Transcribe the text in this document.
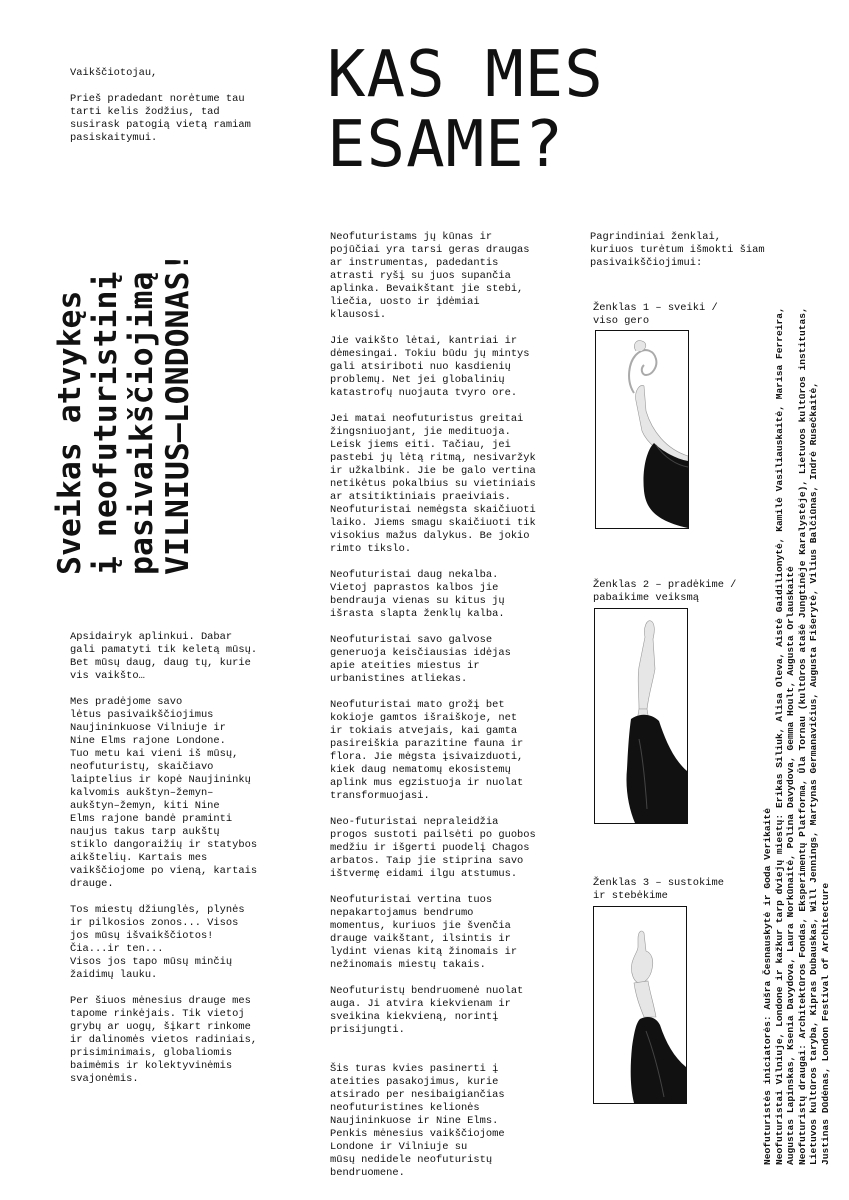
Vaikščiotojau,

Prieš pradedant norėtume tau
tarti kelis žodžius, tad
susirask patogią vietą ramiam
pasiskaitymui.

KAS MES
ESAME?
Sveikas atvykęs
į neofuturistinį
pasivaikščiojimą
VILNIUS–LONDONAS!

Apsidairyk aplinkui. Dabar
gali pamatyti tik keletą mūsų.
Bet mūsų daug, daug tų, kurie
vis vaikšto…

Mes pradėjome savo
lėtus pasivaikščiojimus
Naujininkuose Vilniuje ir
Nine Elms rajone Londone.
Tuo metu kai vieni iš mūsų,
neofuturistų, skaičiavo
laiptelius ir kopė Naujininkų
kalvomis aukštyn–žemyn–
aukštyn–žemyn, kiti Nine
Elms rajone bandė praminti
naujus takus tarp aukštų
stiklo dangoraižių ir statybos
aikštelių. Kartais mes
vaikščiojome po vieną, kartais
drauge.

Tos miestų džiunglės, plynės
ir pilkosios zonos... Visos
jos mūsų išvaikščiotos!
Čia...ir ten...
Visos jos tapo mūsų minčių
žaidimų lauku.

Per šiuos mėnesius drauge mes
tapome rinkėjais. Tik vietoj
grybų ar uogų, šįkart rinkome
ir dalinomės vietos radiniais,
prisiminimais, globaliomis
baimėmis ir kolektyvinėmis
svajonėmis.

Neofuturistams jų kūnas ir
pojūčiai yra tarsi geras draugas
ar instrumentas, padedantis
atrasti ryšį su juos supančia
aplinka. Bevaikštant jie stebi,
liečia, uosto ir įdėmiai
klausosi.

Jie vaikšto lėtai, kantriai ir
dėmesingai. Tokiu būdu jų mintys
gali atsiriboti nuo kasdienių
problemų. Net jei globalinių
katastrofų nuojauta tvyro ore.

Jei matai neofuturistus greitai
žingsniuojant, jie medituoja.
Leisk jiems eiti. Tačiau, jei
pastebi jų lėtą ritmą, nesivaržyk
ir užkalbink. Jie be galo vertina
netikėtus pokalbius su vietiniais
ar atsitiktiniais praeiviais.
Neofuturistai nemėgsta skaičiuoti
laiko. Jiems smagu skaičiuoti tik
visokius mažus dalykus. Be jokio
rimto tikslo.

Neofuturistai daug nekalba.
Vietoj paprastos kalbos jie
bendrauja vienas su kitus jų
išrasta slapta ženklų kalba.

Neofuturistai savo galvose
generuoja keisčiausias idėjas
apie ateities miestus ir
urbanistines atliekas.

Neofuturistai mato grožį bet
kokioje gamtos išraiškoje, net
ir tokiais atvejais, kai gamta
pasireiškia parazitine fauna ir
flora. Jie mėgsta įsivaizduoti,
kiek daug nematomų ekosistemų
aplink mus egzistuoja ir nuolat
transformuojasi.

Neo-futuristai nepraleidžia
progos sustoti pailsėti po guobos
medžiu ir išgerti puodelį Chagos
arbatos. Taip jie stiprina savo
ištvermę eidami ilgu atstumus.

Neofuturistai vertina tuos
nepakartojamus bendrumo
momentus, kuriuos jie švenčia
drauge vaikštant, ilsintis ir
lydint vienas kitą žinomais ir
nežinomais miestų takais.

Neofuturistų bendruomenė nuolat
auga. Ji atvira kiekvienam ir
sveikina kiekvieną, norintį
prisijungti.

Šis turas kvies pasinerti į
ateities pasakojimus, kurie
atsirado per nesibaigiančias
neofuturistines kelionės
Naujininkuose ir Nine Elms.
Penkis mėnesius vaikščiojome
Londone ir Vilniuje su
mūsų nedidele neofuturistų
bendruomene.

Pagrindiniai ženklai,
kuriuos turėtum išmokti šiam
pasivaikščiojimui:

Ženklas 1 – sveiki /
viso gero

Ženklas 2 – pradėkime /
pabaikime veiksmą

Ženklas 3 – sustokime
ir stebėkime

Neofuturistės iniciatorės: Aušra Česnauskytė ir Goda Verikaitė
Neofuturistai Vilniuje, Londone ir kažkur tarp dviejų miestų: Erikas Siliuk, Alisa Oleva, Aistė Gaidilionytė, Kamilė Vasiliauskaitė, Marisa Ferreira,
Augustas Lapinskas, Ksenia Davydova, Laura Norkūnaitė, Polina Davydova, Gemma Hoult, Augusta Orlauskaitė
Neofuturistų draugai: Architektūros Fondas, Eksperimentų Platforma, Ūla Tornau (kultūros atašė Jungtinėje Karalystėje), Lietuvos kultūros institutas,
Lietuvos kultūros taryba, Kipras Dubauskas, Will Jennings, Martynas Germanavičius, Augusta Fišerytė, Vilius Balčiūnas, Indrė Rusečkaitė,
Justinas Dūdėnas, London Festival of Architecture
